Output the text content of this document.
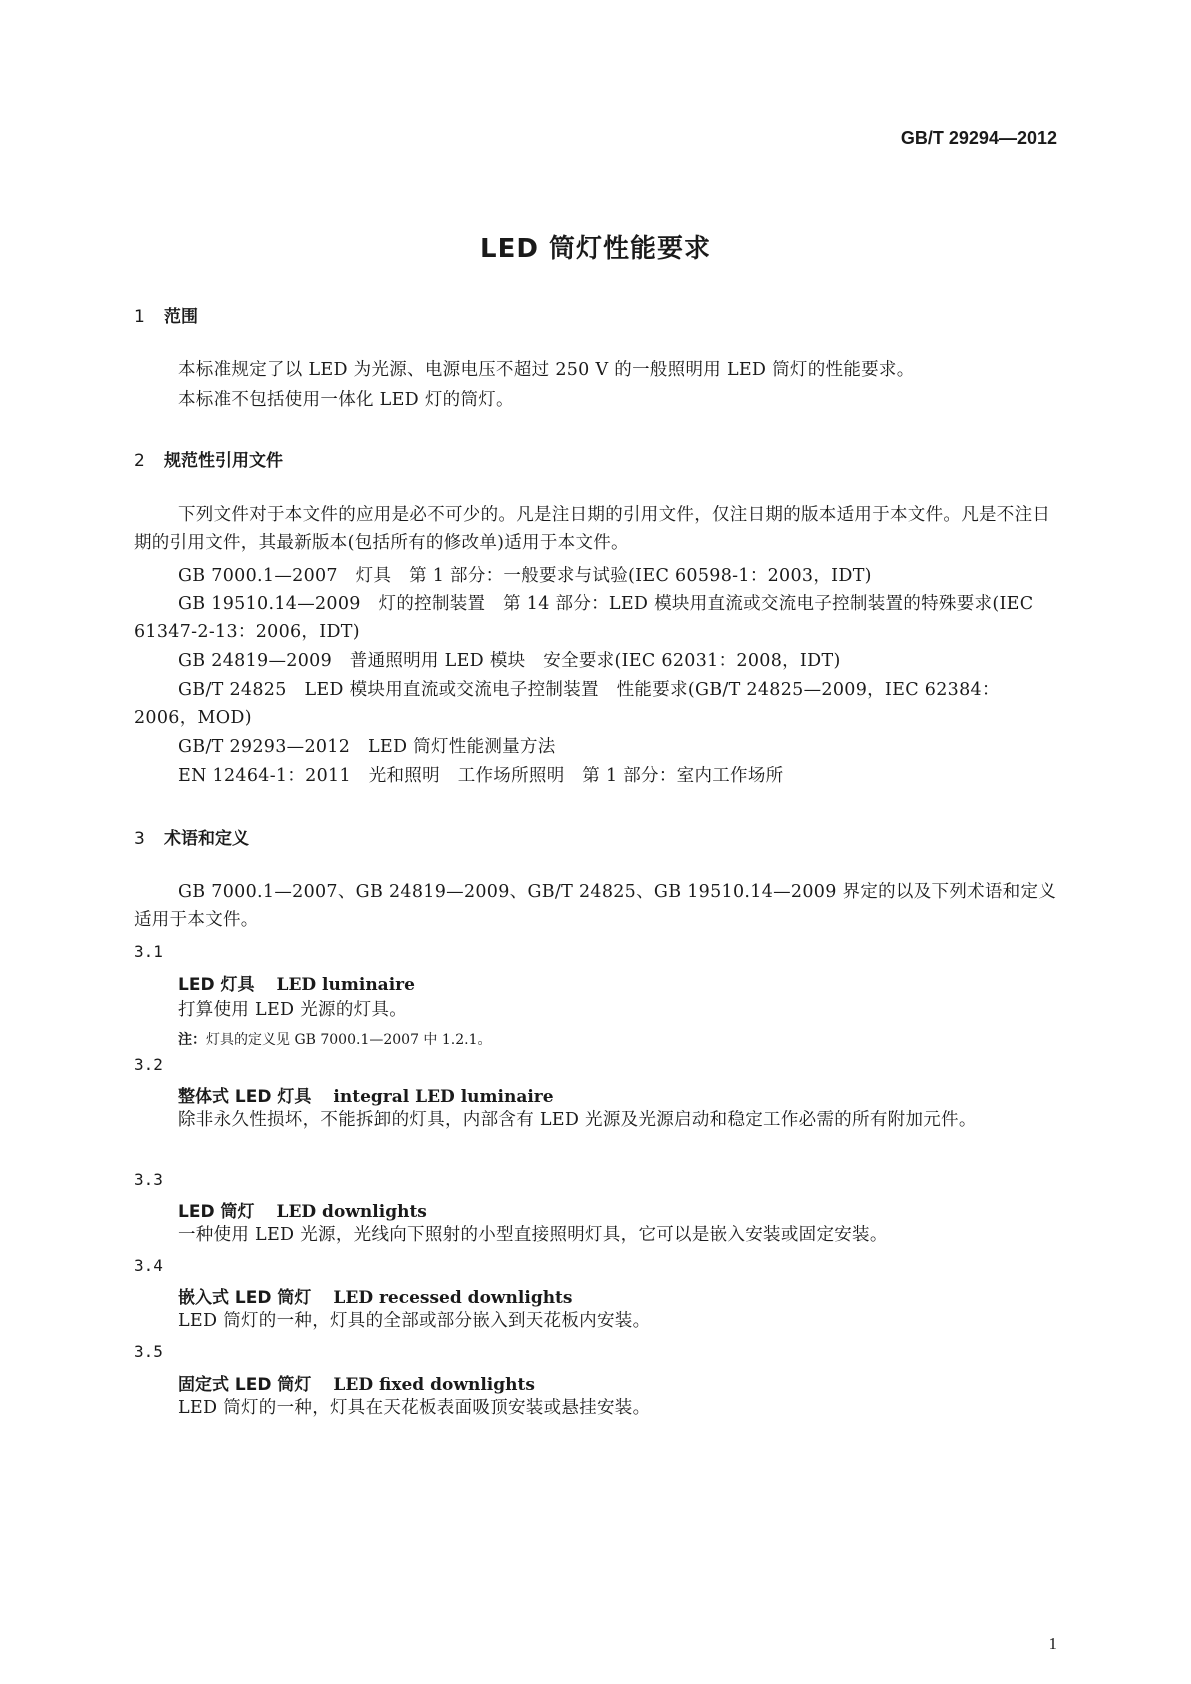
GB/T 29294—2012
LED 筒灯性能要求
1 范围
本标准规定了以 LED 为光源、电源电压不超过 250 V 的一般照明用 LED 筒灯的性能要求。
本标准不包括使用一体化 LED 灯的筒灯。
2 规范性引用文件
下列文件对于本文件的应用是必不可少的。凡是注日期的引用文件，仅注日期的版本适用于本文件。凡是不注日期的引用文件，其最新版本(包括所有的修改单)适用于本文件。
GB 7000.1—2007　灯具　第 1 部分：一般要求与试验(IEC 60598-1：2003，IDT)
GB 19510.14—2009　灯的控制装置　第 14 部分：LED 模块用直流或交流电子控制装置的特殊要求(IEC 61347-2-13：2006，IDT)
GB 24819—2009　普通照明用 LED 模块　安全要求(IEC 62031：2008，IDT)
GB/T 24825　LED 模块用直流或交流电子控制装置　性能要求(GB/T 24825—2009，IEC 62384：2006，MOD)
GB/T 29293—2012　LED 筒灯性能测量方法
EN 12464-1：2011　光和照明　工作场所照明　第 1 部分：室内工作场所
3 术语和定义
GB 7000.1—2007、GB 24819—2009、GB/T 24825、GB 19510.14—2009 界定的以及下列术语和定义适用于本文件。
3.1
LED 灯具 LED luminaire
打算使用 LED 光源的灯具。
注：灯具的定义见 GB 7000.1—2007 中 1.2.1。
3.2
整体式 LED 灯具 integral LED luminaire
除非永久性损坏，不能拆卸的灯具，内部含有 LED 光源及光源启动和稳定工作必需的所有附加元件。
3.3
LED 筒灯 LED downlights
一种使用 LED 光源，光线向下照射的小型直接照明灯具，它可以是嵌入安装或固定安装。
3.4
嵌入式 LED 筒灯 LED recessed downlights
LED 筒灯的一种，灯具的全部或部分嵌入到天花板内安装。
3.5
固定式 LED 筒灯 LED fixed downlights
LED 筒灯的一种，灯具在天花板表面吸顶安装或悬挂安装。
1
